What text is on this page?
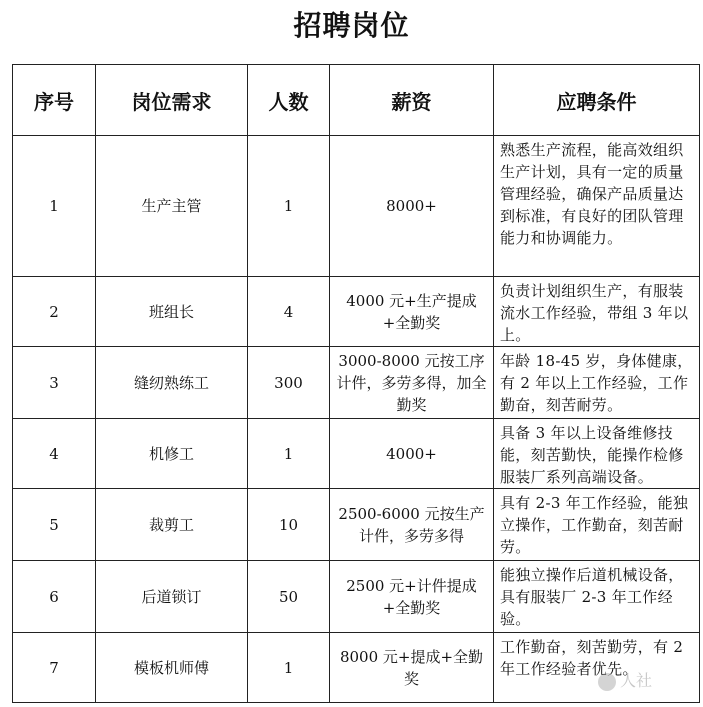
招聘岗位
序号	岗位需求	人数	薪资	应聘条件
1	生产主管	1	8000+	熟悉生产流程，能高效组织生产计划，具有一定的质量管理经验，确保产品质量达到标准，有良好的团队管理能力和协调能力。
2	班组长	4	4000 元+生产提成+全勤奖	负责计划组织生产，有服装流水工作经验，带组 3 年以上。
3	缝纫熟练工	300	3000-8000 元按工序计件，多劳多得，加全勤奖	年龄 18-45 岁，身体健康，有 2 年以上工作经验，工作勤奋，刻苦耐劳。
4	机修工	1	4000+	具备 3 年以上设备维修技能，刻苦勤快，能操作检修服装厂系列高端设备。
5	裁剪工	10	2500-6000 元按生产计件，多劳多得	具有 2-3 年工作经验，能独立操作，工作勤奋，刻苦耐劳。
6	后道锁订	50	2500 元+计件提成+全勤奖	能独立操作后道机械设备，具有服装厂 2-3 年工作经验。
7	模板机师傅	1	8000 元+提成+全勤奖	工作勤奋，刻苦勤劳，有 2 年工作经验者优先。
人社
